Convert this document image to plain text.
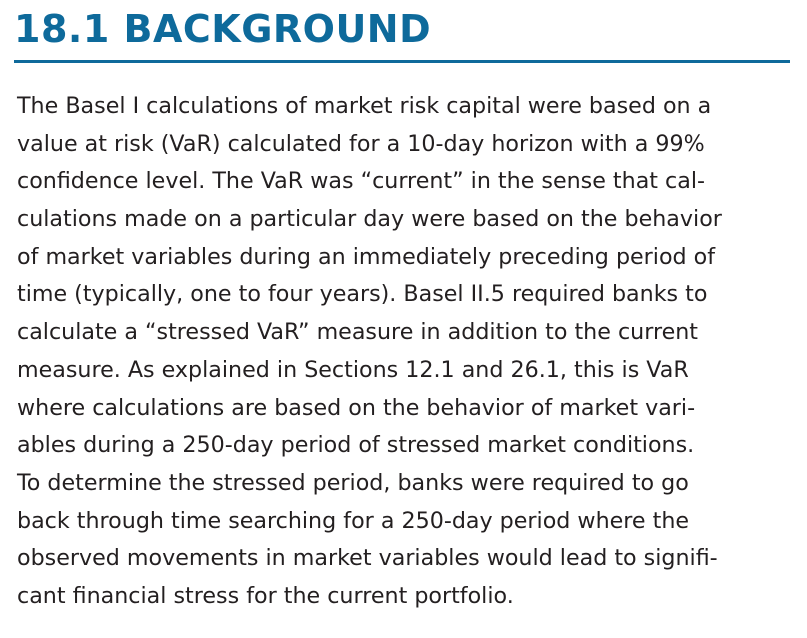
18.1 BACKGROUND
The Basel I calculations of market risk capital were based on a
value at risk (VaR) calculated for a 10-day horizon with a 99%
confidence level. The VaR was “current” in the sense that cal-
culations made on a particular day were based on the behavior
of market variables during an immediately preceding period of
time (typically, one to four years). Basel II.5 required banks to
calculate a “stressed VaR” measure in addition to the current
measure. As explained in Sections 12.1 and 26.1, this is VaR
where calculations are based on the behavior of market vari-
ables during a 250-day period of stressed market conditions.
To determine the stressed period, banks were required to go
back through time searching for a 250-day period where the
observed movements in market variables would lead to signifi-
cant financial stress for the current portfolio.
